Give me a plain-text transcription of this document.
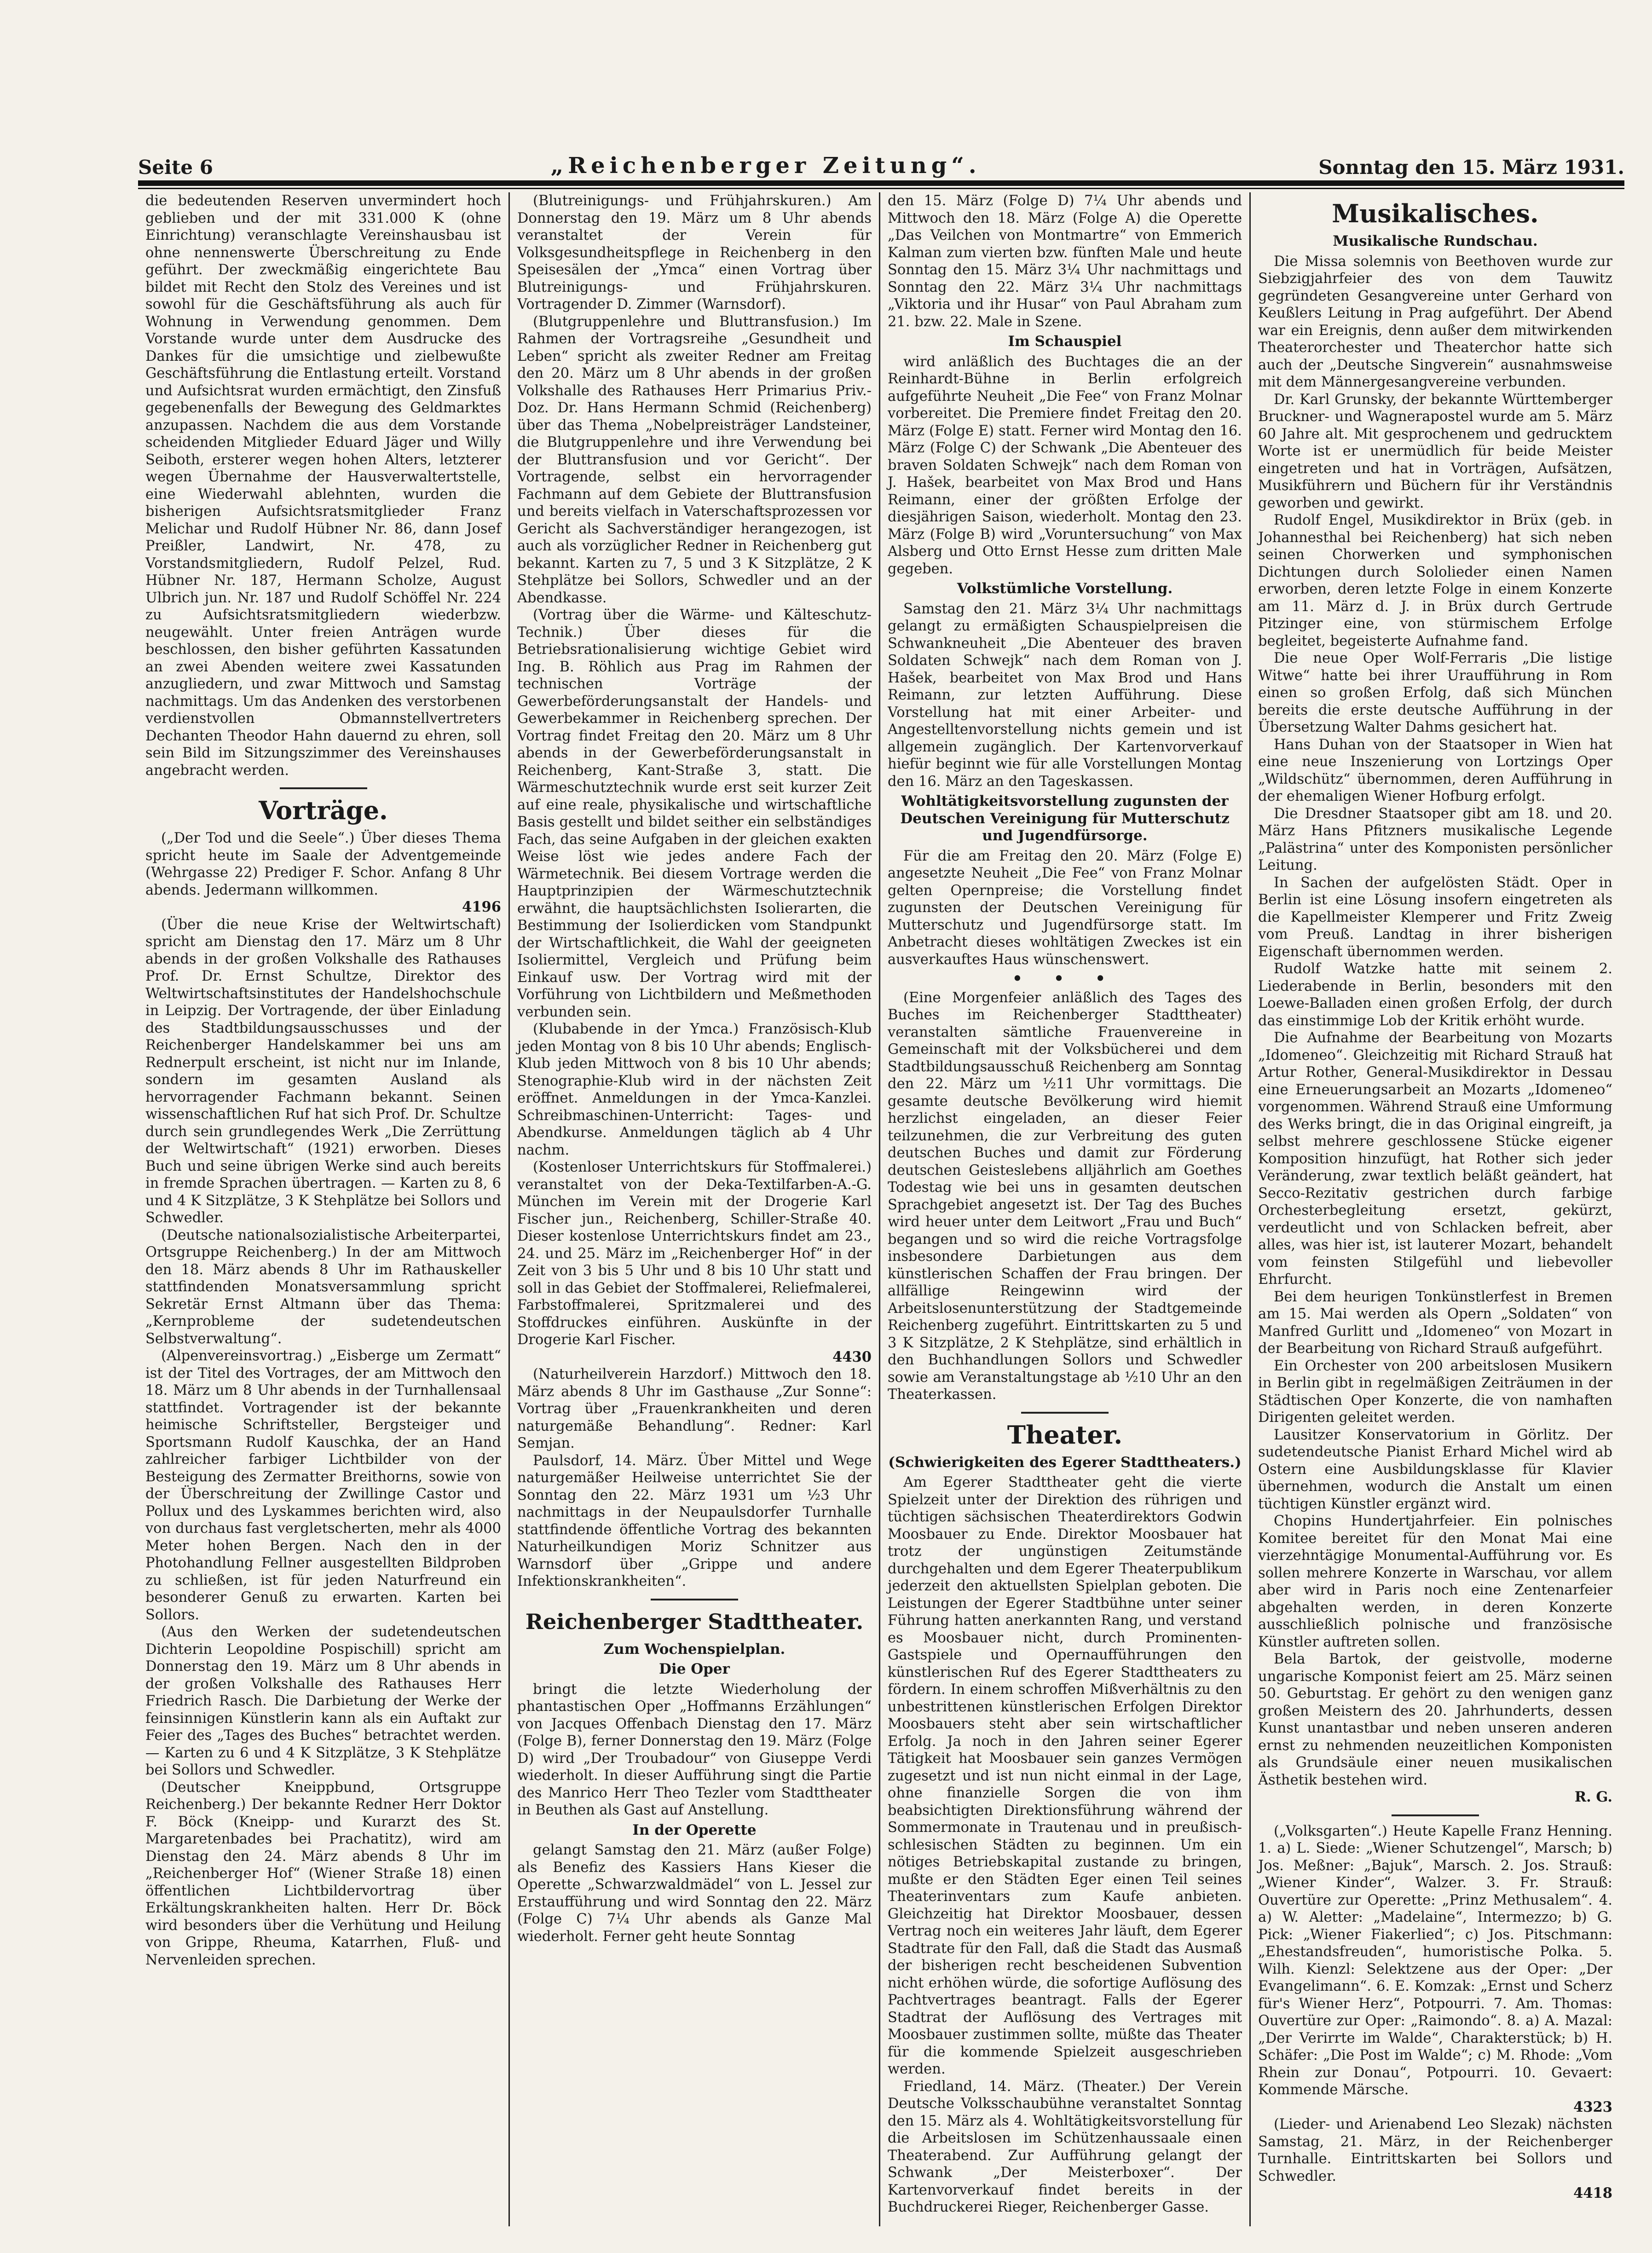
Seite 6	„Reichenberger Zeitung“.	Sonntag den 15. März 1931.

die bedeutenden Reserven unvermindert hoch geblieben und der mit 331.000 K (ohne Einrichtung) veranschlagte Vereinshausbau ist ohne nennenswerte Überschreitung zu Ende geführt. Der zweckmäßig eingerichtete Bau bildet mit Recht den Stolz des Vereines und ist sowohl für die Geschäftsführung als auch für Wohnung in Verwendung genommen. Dem Vorstande wurde unter dem Ausdrucke des Dankes für die umsichtige und zielbewußte Geschäftsführung die Entlastung erteilt. Vorstand und Aufsichtsrat wurden ermächtigt, den Zinsfuß gegebenenfalls der Bewegung des Geldmarktes anzupassen. Nachdem die aus dem Vorstande scheidenden Mitglieder Eduard Jäger und Willy Seiboth, ersterer wegen hohen Alters, letzterer wegen Übernahme der Hausverwaltertstelle, eine Wiederwahl ablehnten, wurden die bisherigen Aufsichtsratsmitglieder Franz Melichar und Rudolf Hübner Nr. 86, dann Josef Preißler, Landwirt, Nr. 478, zu Vorstandsmitgliedern, Rudolf Pelzel, Rud. Hübner Nr. 187, Hermann Scholze, August Ulbrich jun. Nr. 187 und Rudolf Schöffel Nr. 224 zu Aufsichtsratsmitgliedern wiederbzw. neugewählt. Unter freien Anträgen wurde beschlossen, den bisher geführten Kassatunden an zwei Abenden weitere zwei Kassatunden anzugliedern, und zwar Mittwoch und Samstag nachmittags. Um das Andenken des verstorbenen verdienstvollen Obmannstellvertreters Dechanten Theodor Hahn dauernd zu ehren, soll sein Bild im Sitzungszimmer des Vereinshauses angebracht werden.

Vorträge.

(„Der Tod und die Seele“.) Über dieses Thema spricht heute im Saale der Adventgemeinde (Wehrgasse 22) Prediger F. Schor. Anfang 8 Uhr abends. Jedermann willkommen.

4196

(Über die neue Krise der Weltwirtschaft) spricht am Dienstag den 17. März um 8 Uhr abends in der großen Volkshalle des Rathauses Prof. Dr. Ernst Schultze, Direktor des Weltwirtschaftsinstitutes der Handelshochschule in Leipzig. Der Vortragende, der über Einladung des Stadtbildungsausschusses und der Reichenberger Handelskammer bei uns am Rednerpult erscheint, ist nicht nur im Inlande, sondern im gesamten Ausland als hervorragender Fachmann bekannt. Seinen wissenschaftlichen Ruf hat sich Prof. Dr. Schultze durch sein grundlegendes Werk „Die Zerrüttung der Weltwirtschaft“ (1921) erworben. Dieses Buch und seine übrigen Werke sind auch bereits in fremde Sprachen übertragen. — Karten zu 8, 6 und 4 K Sitzplätze, 3 K Stehplätze bei Sollors und Schwedler.

(Deutsche nationalsozialistische Arbeiterpartei, Ortsgruppe Reichenberg.) In der am Mittwoch den 18. März abends 8 Uhr im Rathauskeller stattfindenden Monatsversammlung spricht Sekretär Ernst Altmann über das Thema: „Kernprobleme der sudetendeutschen Selbstverwaltung“.

(Alpenvereinsvortrag.) „Eisberge um Zermatt“ ist der Titel des Vortrages, der am Mittwoch den 18. März um 8 Uhr abends in der Turnhallensaal stattfindet. Vortragender ist der bekannte heimische Schriftsteller, Bergsteiger und Sportsmann Rudolf Kauschka, der an Hand zahlreicher farbiger Lichtbilder von der Besteigung des Zermatter Breithorns, sowie von der Überschreitung der Zwillinge Castor und Pollux und des Lyskammes berichten wird, also von durchaus fast vergletscherten, mehr als 4000 Meter hohen Bergen. Nach den in der Photohandlung Fellner ausgestellten Bildproben zu schließen, ist für jeden Naturfreund ein besonderer Genuß zu erwarten. Karten bei Sollors.

(Aus den Werken der sudetendeutschen Dichterin Leopoldine Pospischill) spricht am Donnerstag den 19. März um 8 Uhr abends in der großen Volkshalle des Rathauses Herr Friedrich Rasch. Die Darbietung der Werke der feinsinnigen Künstlerin kann als ein Auftakt zur Feier des „Tages des Buches“ betrachtet werden. — Karten zu 6 und 4 K Sitzplätze, 3 K Stehplätze bei Sollors und Schwedler.

(Deutscher Kneippbund, Ortsgruppe Reichenberg.) Der bekannte Redner Herr Doktor F. Böck (Kneipp- und Kurarzt des St. Margaretenbades bei Prachatitz), wird am Dienstag den 24. März abends 8 Uhr im „Reichenberger Hof“ (Wiener Straße 18) einen öffentlichen Lichtbildervortrag über Erkältungskrankheiten halten. Herr Dr. Böck wird besonders über die Verhütung und Heilung von Grippe, Rheuma, Katarrhen, Fluß- und Nervenleiden sprechen.

(Blutreinigungs- und Frühjahrskuren.) Am Donnerstag den 19. März um 8 Uhr abends veranstaltet der Verein für Volksgesundheitspflege in Reichenberg in den Speisesälen der „Ymca“ einen Vortrag über Blutreinigungs- und Frühjahrskuren. Vortragender D. Zimmer (Warnsdorf).

(Blutgruppenlehre und Bluttransfusion.) Im Rahmen der Vortragsreihe „Gesundheit und Leben“ spricht als zweiter Redner am Freitag den 20. März um 8 Uhr abends in der großen Volkshalle des Rathauses Herr Primarius Priv.-Doz. Dr. Hans Hermann Schmid (Reichenberg) über das Thema „Nobelpreisträger Landsteiner, die Blutgruppenlehre und ihre Verwendung bei der Bluttransfusion und vor Gericht“. Der Vortragende, selbst ein hervorragender Fachmann auf dem Gebiete der Bluttransfusion und bereits vielfach in Vaterschaftsprozessen vor Gericht als Sachverständiger herangezogen, ist auch als vorzüglicher Redner in Reichenberg gut bekannt. Karten zu 7, 5 und 3 K Sitzplätze, 2 K Stehplätze bei Sollors, Schwedler und an der Abendkasse.

(Vortrag über die Wärme- und Kälteschutz-Technik.) Über dieses für die Betriebsrationalisierung wichtige Gebiet wird Ing. B. Röhlich aus Prag im Rahmen der technischen Vorträge der Gewerbeförderungsanstalt der Handels- und Gewerbekammer in Reichenberg sprechen. Der Vortrag findet Freitag den 20. März um 8 Uhr abends in der Gewerbeförderungsanstalt in Reichenberg, Kant-Straße 3, statt. Die Wärmeschutztechnik wurde erst seit kurzer Zeit auf eine reale, physikalische und wirtschaftliche Basis gestellt und bildet seither ein selbständiges Fach, das seine Aufgaben in der gleichen exakten Weise löst wie jedes andere Fach der Wärmetechnik. Bei diesem Vortrage werden die Hauptprinzipien der Wärmeschutztechnik erwähnt, die hauptsächlichsten Isolierarten, die Bestimmung der Isolierdicken vom Standpunkt der Wirtschaftlichkeit, die Wahl der geeigneten Isoliermittel, Vergleich und Prüfung beim Einkauf usw. Der Vortrag wird mit der Vorführung von Lichtbildern und Meßmethoden verbunden sein.

(Klubabende in der Ymca.) Französisch-Klub jeden Montag von 8 bis 10 Uhr abends; Englisch-Klub jeden Mittwoch von 8 bis 10 Uhr abends; Stenographie-Klub wird in der nächsten Zeit eröffnet. Anmeldungen in der Ymca-Kanzlei. Schreibmaschinen-Unterricht: Tages- und Abendkurse. Anmeldungen täglich ab 4 Uhr nachm.

(Kostenloser Unterrichtskurs für Stoffmalerei.) veranstaltet von der Deka-Textilfarben-A.-G. München im Verein mit der Drogerie Karl Fischer jun., Reichenberg, Schiller-Straße 40. Dieser kostenlose Unterrichtskurs findet am 23., 24. und 25. März im „Reichenberger Hof“ in der Zeit von 3 bis 5 Uhr und 8 bis 10 Uhr statt und soll in das Gebiet der Stoffmalerei, Reliefmalerei, Farbstoffmalerei, Spritzmalerei und des Stoffdruckes einführen. Auskünfte in der Drogerie Karl Fischer.

4430

(Naturheilverein Harzdorf.) Mittwoch den 18. März abends 8 Uhr im Gasthause „Zur Sonne“: Vortrag über „Frauenkrankheiten und deren naturgemäße Behandlung“. Redner: Karl Semjan.

Paulsdorf, 14. März. Über Mittel und Wege naturgemäßer Heilweise unterrichtet Sie der Sonntag den 22. März 1931 um ½3 Uhr nachmittags in der Neupaulsdorfer Turnhalle stattfindende öffentliche Vortrag des bekannten Naturheilkundigen Moriz Schnitzer aus Warnsdorf über „Grippe und andere Infektionskrankheiten“.

Reichenberger Stadttheater.
Zum Wochenspielplan.
Die Oper

bringt die letzte Wiederholung der phantastischen Oper „Hoffmanns Erzählungen“ von Jacques Offenbach Dienstag den 17. März (Folge B), ferner Donnerstag den 19. März (Folge D) wird „Der Troubadour“ von Giuseppe Verdi wiederholt. In dieser Aufführung singt die Partie des Manrico Herr Theo Tezler vom Stadttheater in Beuthen als Gast auf Anstellung.

In der Operette

gelangt Samstag den 21. März (außer Folge) als Benefiz des Kassiers Hans Kieser die Operette „Schwarzwaldmädel“ von L. Jessel zur Erstaufführung und wird Sonntag den 22. März (Folge C) 7¼ Uhr abends als Ganze Mal wiederholt. Ferner geht heute Sonntag

den 15. März (Folge D) 7¼ Uhr abends und Mittwoch den 18. März (Folge A) die Operette „Das Veilchen von Montmartre“ von Emmerich Kalman zum vierten bzw. fünften Male und heute Sonntag den 15. März 3¼ Uhr nachmittags und Sonntag den 22. März 3¼ Uhr nachmittags „Viktoria und ihr Husar“ von Paul Abraham zum 21. bzw. 22. Male in Szene.

Im Schauspiel

wird anläßlich des Buchtages die an der Reinhardt-Bühne in Berlin erfolgreich aufgeführte Neuheit „Die Fee“ von Franz Molnar vorbereitet. Die Premiere findet Freitag den 20. März (Folge E) statt. Ferner wird Montag den 16. März (Folge C) der Schwank „Die Abenteuer des braven Soldaten Schwejk“ nach dem Roman von J. Hašek, bearbeitet von Max Brod und Hans Reimann, einer der größten Erfolge der diesjährigen Saison, wiederholt. Montag den 23. März (Folge B) wird „Voruntersuchung“ von Max Alsberg und Otto Ernst Hesse zum dritten Male gegeben.

Volkstümliche Vorstellung.

Samstag den 21. März 3¼ Uhr nachmittags gelangt zu ermäßigten Schauspielpreisen die Schwankneuheit „Die Abenteuer des braven Soldaten Schwejk“ nach dem Roman von J. Hašek, bearbeitet von Max Brod und Hans Reimann, zur letzten Aufführung. Diese Vorstellung hat mit einer Arbeiter- und Angestelltenvorstellung nichts gemein und ist allgemein zugänglich. Der Kartenvorverkauf hiefür beginnt wie für alle Vorstellungen Montag den 16. März an den Tageskassen.

Wohltätigkeitsvorstellung zugunsten der Deutschen Vereinigung für Mutterschutz und Jugendfürsorge.

Für die am Freitag den 20. März (Folge E) angesetzte Neuheit „Die Fee“ von Franz Molnar gelten Opernpreise; die Vorstellung findet zugunsten der Deutschen Vereinigung für Mutterschutz und Jugendfürsorge statt. Im Anbetracht dieses wohltätigen Zweckes ist ein ausverkauftes Haus wünschenswert.

• • •

(Eine Morgenfeier anläßlich des Tages des Buches im Reichenberger Stadttheater) veranstalten sämtliche Frauenvereine in Gemeinschaft mit der Volksbücherei und dem Stadtbildungsausschuß Reichenberg am Sonntag den 22. März um ½11 Uhr vormittags. Die gesamte deutsche Bevölkerung wird hiemit herzlichst eingeladen, an dieser Feier teilzunehmen, die zur Verbreitung des guten deutschen Buches und damit zur Förderung deutschen Geisteslebens alljährlich am Goethes Todestag wie bei uns in gesamten deutschen Sprachgebiet angesetzt ist. Der Tag des Buches wird heuer unter dem Leitwort „Frau und Buch“ begangen und so wird die reiche Vortragsfolge insbesondere Darbietungen aus dem künstlerischen Schaffen der Frau bringen. Der allfällige Reingewinn wird der Arbeitslosenunterstützung der Stadtgemeinde Reichenberg zugeführt. Eintrittskarten zu 5 und 3 K Sitzplätze, 2 K Stehplätze, sind erhältlich in den Buchhandlungen Sollors und Schwedler sowie am Veranstaltungstage ab ½10 Uhr an den Theaterkassen.

Theater.
(Schwierigkeiten des Egerer Stadttheaters.)

Am Egerer Stadttheater geht die vierte Spielzeit unter der Direktion des rührigen und tüchtigen sächsischen Theaterdirektors Godwin Moosbauer zu Ende. Direktor Moosbauer hat trotz der ungünstigen Zeitumstände durchgehalten und dem Egerer Theaterpublikum jederzeit den aktuellsten Spielplan geboten. Die Leistungen der Egerer Stadtbühne unter seiner Führung hatten anerkannten Rang, und verstand es Moosbauer nicht, durch Prominenten-Gastspiele und Opernaufführungen den künstlerischen Ruf des Egerer Stadttheaters zu fördern. In einem schroffen Mißverhältnis zu den unbestrittenen künstlerischen Erfolgen Direktor Moosbauers steht aber sein wirtschaftlicher Erfolg. Ja noch in den Jahren seiner Egerer Tätigkeit hat Moosbauer sein ganzes Vermögen zugesetzt und ist nun nicht einmal in der Lage, ohne finanzielle Sorgen die von ihm beabsichtigten Direktionsführung während der Sommermonate in Trautenau und in preußisch-schlesischen Städten zu beginnen. Um ein nötiges Betriebskapital zustande zu bringen, mußte er den Städten Eger einen Teil seines Theaterinventars zum Kaufe anbieten. Gleichzeitig hat Direktor Moosbauer, dessen Vertrag noch ein weiteres Jahr läuft, dem Egerer Stadtrate für den Fall, daß die Stadt das Ausmaß der bisherigen recht bescheidenen Subvention nicht erhöhen würde, die sofortige Auflösung des Pachtvertrages beantragt. Falls der Egerer Stadtrat der Auflösung des Vertrages mit Moosbauer zustimmen sollte, müßte das Theater für die kommende Spielzeit ausgeschrieben werden.

Friedland, 14. März. (Theater.) Der Verein Deutsche Volksschaubühne veranstaltet Sonntag den 15. März als 4. Wohltätigkeitsvorstellung für die Arbeitslosen im Schützenhaussaale einen Theaterabend. Zur Aufführung gelangt der Schwank „Der Meisterboxer“. Der Kartenvorverkauf findet bereits in der Buchdruckerei Rieger, Reichenberger Gasse.

Musikalisches.
Musikalische Rundschau.

Die Missa solemnis von Beethoven wurde zur Siebzigjahrfeier des von dem Tauwitz gegründeten Gesangvereine unter Gerhard von Keußlers Leitung in Prag aufgeführt. Der Abend war ein Ereignis, denn außer dem mitwirkenden Theaterorchester und Theaterchor hatte sich auch der „Deutsche Singverein“ ausnahmsweise mit dem Männergesangvereine verbunden.

Dr. Karl Grunsky, der bekannte Württemberger Bruckner- und Wagnerapostel wurde am 5. März 60 Jahre alt. Mit gesprochenem und gedrucktem Worte ist er unermüdlich für beide Meister eingetreten und hat in Vorträgen, Aufsätzen, Musikführern und Büchern für ihr Verständnis geworben und gewirkt.

Rudolf Engel, Musikdirektor in Brüx (geb. in Johannesthal bei Reichenberg) hat sich neben seinen Chorwerken und symphonischen Dichtungen durch Sololieder einen Namen erworben, deren letzte Folge in einem Konzerte am 11. März d. J. in Brüx durch Gertrude Pitzinger eine, von stürmischem Erfolge begleitet, begeisterte Aufnahme fand.

Die neue Oper Wolf-Ferraris „Die listige Witwe“ hatte bei ihrer Uraufführung in Rom einen so großen Erfolg, daß sich München bereits die erste deutsche Aufführung in der Übersetzung Walter Dahms gesichert hat.

Hans Duhan von der Staatsoper in Wien hat eine neue Inszenierung von Lortzings Oper „Wildschütz“ übernommen, deren Aufführung in der ehemaligen Wiener Hofburg erfolgt.

Die Dresdner Staatsoper gibt am 18. und 20. März Hans Pfitzners musikalische Legende „Palästrina“ unter des Komponisten persönlicher Leitung.

In Sachen der aufgelösten Städt. Oper in Berlin ist eine Lösung insofern eingetreten als die Kapellmeister Klemperer und Fritz Zweig vom Preuß. Landtag in ihrer bisherigen Eigenschaft übernommen werden.

Rudolf Watzke hatte mit seinem 2. Liederabende in Berlin, besonders mit den Loewe-Balladen einen großen Erfolg, der durch das einstimmige Lob der Kritik erhöht wurde.

Die Aufnahme der Bearbeitung von Mozarts „Idomeneo“. Gleichzeitig mit Richard Strauß hat Artur Rother, General-Musikdirektor in Dessau eine Erneuerungsarbeit an Mozarts „Idomeneo“ vorgenommen. Während Strauß eine Umformung des Werks bringt, die in das Original eingreift, ja selbst mehrere geschlossene Stücke eigener Komposition hinzufügt, hat Rother sich jeder Veränderung, zwar textlich beläßt geändert, hat Secco-Rezitativ gestrichen durch farbige Orchesterbegleitung ersetzt, gekürzt, verdeutlicht und von Schlacken befreit, aber alles, was hier ist, ist lauterer Mozart, behandelt vom feinsten Stilgefühl und liebevoller Ehrfurcht.

Bei dem heurigen Tonkünstlerfest in Bremen am 15. Mai werden als Opern „Soldaten“ von Manfred Gurlitt und „Idomeneo“ von Mozart in der Bearbeitung von Richard Strauß aufgeführt.

Ein Orchester von 200 arbeitslosen Musikern in Berlin gibt in regelmäßigen Zeiträumen in der Städtischen Oper Konzerte, die von namhaften Dirigenten geleitet werden.

Lausitzer Konservatorium in Görlitz. Der sudetendeutsche Pianist Erhard Michel wird ab Ostern eine Ausbildungsklasse für Klavier übernehmen, wodurch die Anstalt um einen tüchtigen Künstler ergänzt wird.

Chopins Hundertjahrfeier. Ein polnisches Komitee bereitet für den Monat Mai eine vierzehntägige Monumental-Aufführung vor. Es sollen mehrere Konzerte in Warschau, vor allem aber wird in Paris noch eine Zentenarfeier abgehalten werden, in deren Konzerte ausschließlich polnische und französische Künstler auftreten sollen.

Bela Bartok, der geistvolle, moderne ungarische Komponist feiert am 25. März seinen 50. Geburtstag. Er gehört zu den wenigen ganz großen Meistern des 20. Jahrhunderts, dessen Kunst unantastbar und neben unseren anderen ernst zu nehmenden neuzeitlichen Komponisten als Grundsäule einer neuen musikalischen Ästhetik bestehen wird.

R. G.

(„Volksgarten“.) Heute Kapelle Franz Henning. 1. a) L. Siede: „Wiener Schutzengel“, Marsch; b) Jos. Meßner: „Bajuk“, Marsch. 2. Jos. Strauß: „Wiener Kinder“, Walzer. 3. Fr. Strauß: Ouvertüre zur Operette: „Prinz Methusalem“. 4. a) W. Aletter: „Madelaine“, Intermezzo; b) G. Pick: „Wiener Fiakerlied“; c) Jos. Pitschmann: „Ehestandsfreuden“, humoristische Polka. 5. Wilh. Kienzl: Selektzene aus der Oper: „Der Evangelimann“. 6. E. Komzak: „Ernst und Scherz für's Wiener Herz“, Potpourri. 7. Am. Thomas: Ouvertüre zur Oper: „Raimondo“. 8. a) A. Mazal: „Der Verirrte im Walde“, Charakterstück; b) H. Schäfer: „Die Post im Walde“; c) M. Rhode: „Vom Rhein zur Donau“, Potpourri. 10. Gevaert: Kommende Märsche.

4323

(Lieder- und Arienabend Leo Slezak) nächsten Samstag, 21. März, in der Reichenberger Turnhalle. Eintrittskarten bei Sollors und Schwedler.

4418
